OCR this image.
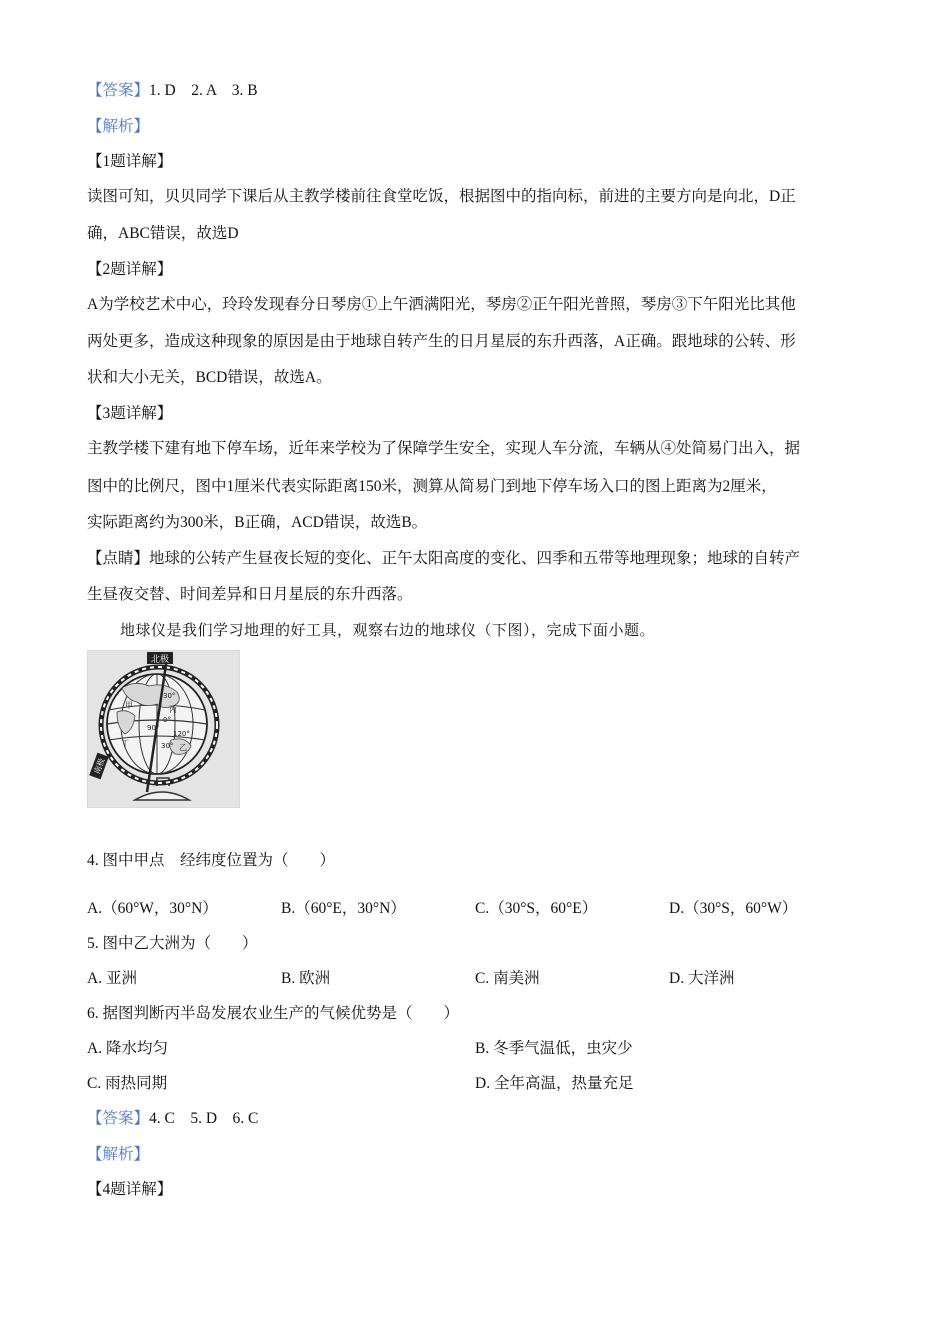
【答案】1. D    2. A    3. B
【解析】
【1题详解】
读图可知，贝贝同学下课后从主教学楼前往食堂吃饭，根据图中的指向标，前进的主要方向是向北，D正
确，ABC错误，故选D
【2题详解】
A为学校艺术中心，玲玲发现春分日琴房①上午洒满阳光，琴房②正午阳光普照，琴房③下午阳光比其他
两处更多，造成这种现象的原因是由于地球自转产生的日月星辰的东升西落，A正确。跟地球的公转、形
状和大小无关，BCD错误，故选A。
【3题详解】
主教学楼下建有地下停车场，近年来学校为了保障学生安全，实现人车分流，车辆从④处简易门出入，据
图中的比例尺，图中1厘米代表实际距离150米，测算从简易门到地下停车场入口的图上距离为2厘米，
实际距离约为300米，B正确，ACD错误，故选B。
【点睛】地球的公转产生昼夜长短的变化、正午太阳高度的变化、四季和五带等地理现象；地球的自转产
生昼夜交替、时间差异和日月星辰的东升西落。
地球仪是我们学习地理的好工具，观察右边的地球仪（下图），完成下面小题。
北极
南极
30°
0°
30°
90°
120°
甲
乙
丙
丁
4. 图中甲点　经纬度位置为（　　）
A.（60°W，30°N）	B.（60°E，30°N）	C.（30°S，60°E）	D.（30°S，60°W）
5. 图中乙大洲为（　　）
A. 亚洲	B. 欧洲	C. 南美洲	D. 大洋洲
6. 据图判断丙半岛发展农业生产的气候优势是（　　）
A. 降水均匀	B. 冬季气温低，虫灾少
C. 雨热同期	D. 全年高温，热量充足
【答案】4. C    5. D    6. C
【解析】
【4题详解】
